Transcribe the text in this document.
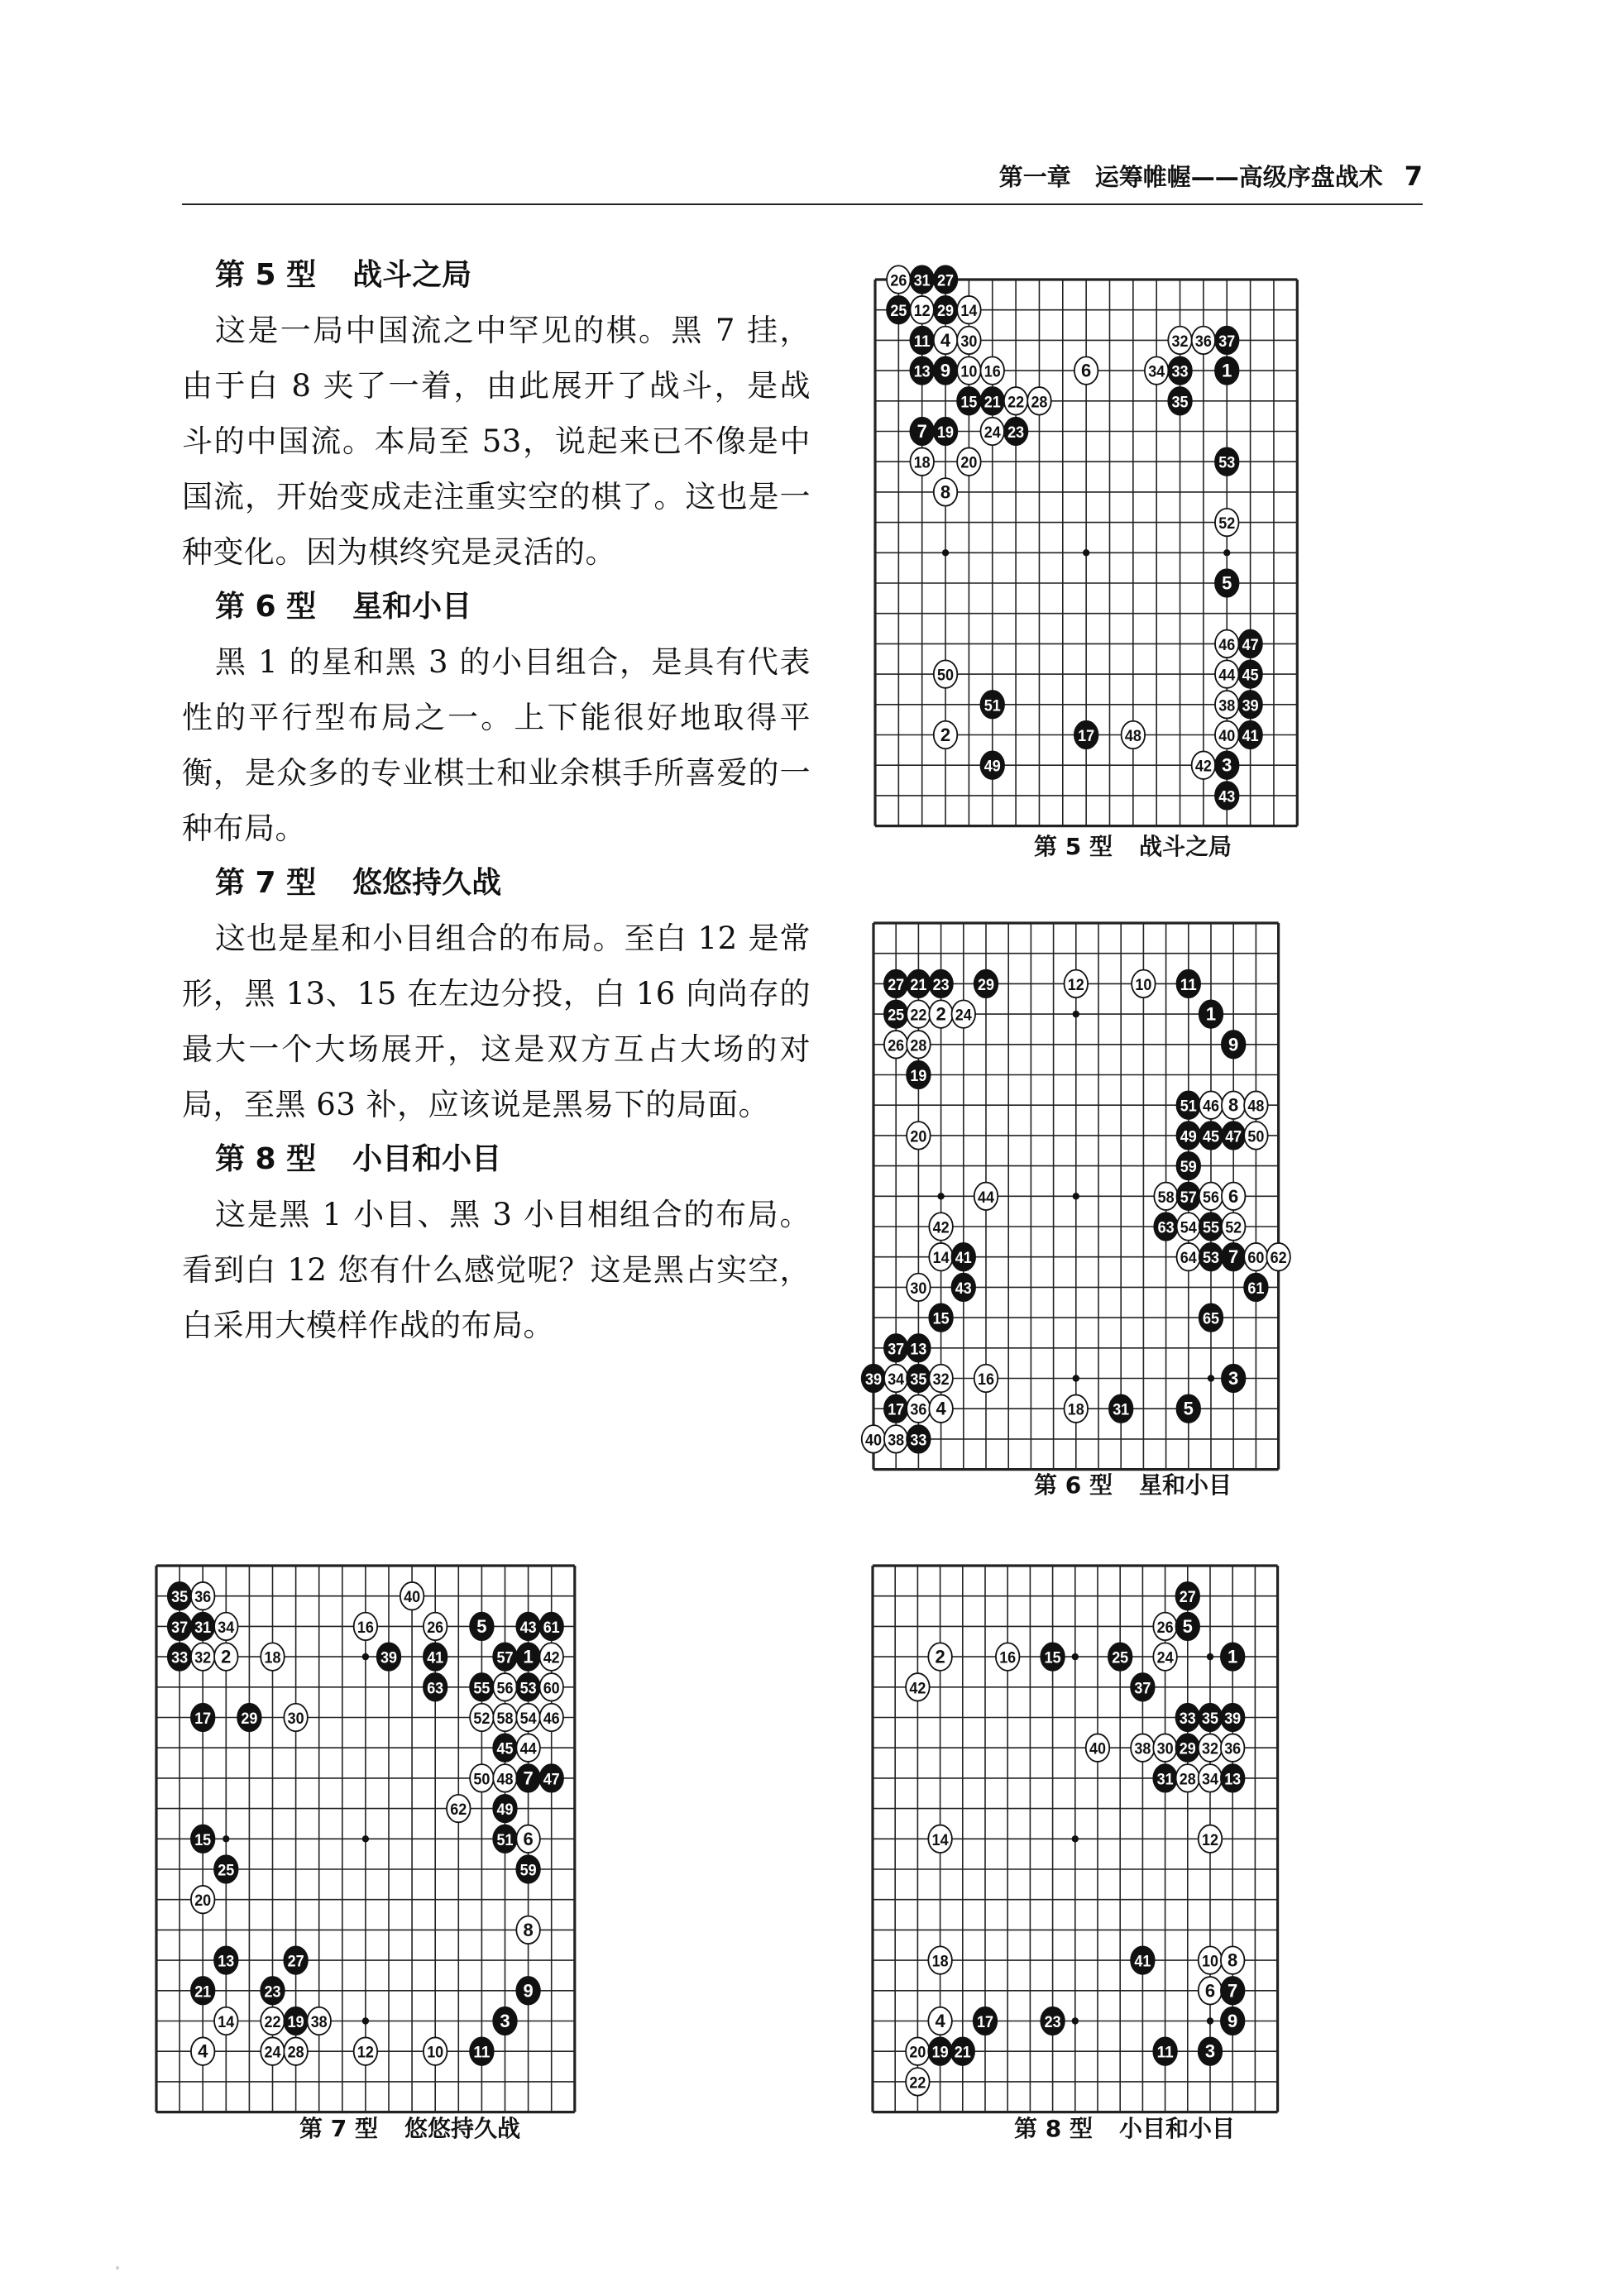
第一章　运筹帷幄——高级序盘战术 7
第 5 型 战斗之局

这是一局中国流之中罕见的棋。黑 7 挂，由于白 8 夹了一着，由此展开了战斗，是战斗的中国流。本局至 53，说起来已不像是中国流，开始变成走注重实空的棋了。这也是一种变化。因为棋终究是灵活的。

第 6 型 星和小目

黑 1 的星和黑 3 的小目组合，是具有代表性的平行型布局之一。上下能很好地取得平衡，是众多的专业棋士和业余棋手所喜爱的一种布局。

第 7 型 悠悠持久战

这也是星和小目组合的布局。至白 12 是常形，黑 13、15 在左边分投，白 16 向尚存的最大一个大场展开，这是双方互占大场的对局，至黑 63 补，应该说是黑易下的局面。

第 8 型 小目和小目

这是黑 1 小目、黑 3 小目相组合的布局。看到白 12 您有什么感觉呢？这是黑占实空，白采用大模样作战的布局。

26 31 27
25 12 29 14
11 4 30	32 36 37
13 9 10 16	6	34 33 1
15 21 22 28	35
7 19 24 23
18 20	53
8
52
5
46 47
50	44 45
51	38 39
2	17 48	40 41
49	42 3
43
第 5 型 战斗之局
27 21 23 29	12	10 11
25 22 2 24	1
26 28	9
19
51 46 8 48
20	49 45 47 50
59
44	58 57 56 6
42	63 54 55 52
14 41	64 53 7 60 62
30 43	61
15	65
37 13
39 34 35 32 16	3
17 36 4	18 31	5
40 38 33
第 6 型 星和小目
35 36	40
37 31 34	16	26 5 43 61
33 32 2 18	39 41	57 1 42
63 55 56 53 60
17 29 30	52 58 54 46
45 44
50 48 7 47
62 49
15	51 6
25	59
20
8
13	27
21	23	9
14 22 19 38	3
4	24 28	12	10 11
第 7 型 悠悠持久战
27
26 5
2	16 15	25 24	1
42	37
33 35 39
40 38 30 29 32 36
31 28 34 13
14	12
18	41	10 8
6 7
4 17	23	9
20 19 21	11 3
22
第 8 型 小目和小目
